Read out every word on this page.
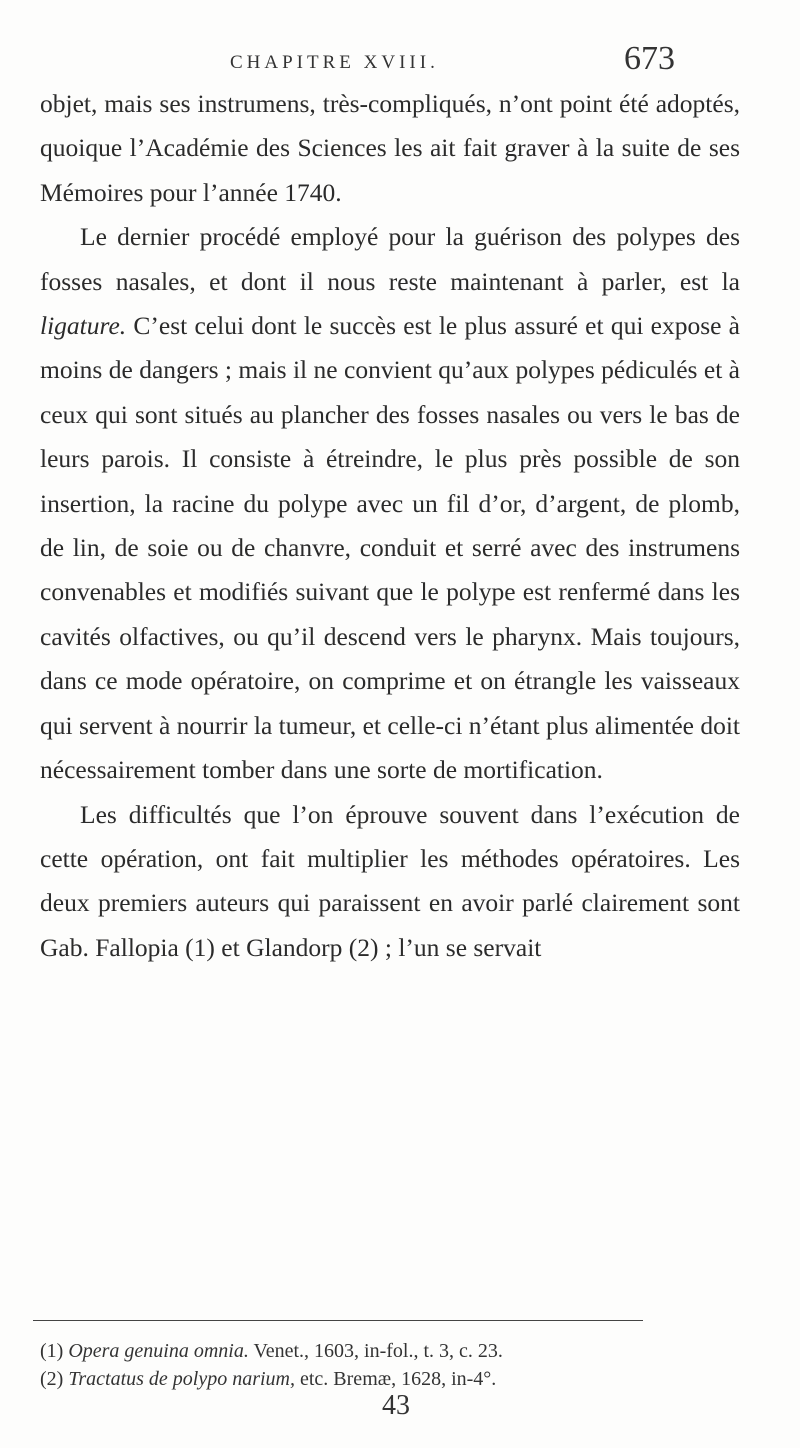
CHAPITRE XVIII.	673

objet, mais ses instrumens, très-compliqués, n’ont point été adoptés, quoique l’Académie des Sciences les ait fait graver à la suite de ses Mémoires pour l’année 1740.

Le dernier procédé employé pour la guérison des polypes des fosses nasales, et dont il nous reste maintenant à parler, est la ligature. C’est celui dont le succès est le plus assuré et qui expose à moins de dangers ; mais il ne convient qu’aux polypes pédiculés et à ceux qui sont situés au plancher des fosses nasales ou vers le bas de leurs parois. Il consiste à étreindre, le plus près possible de son insertion, la racine du polype avec un fil d’or, d’argent, de plomb, de lin, de soie ou de chanvre, conduit et serré avec des instrumens convenables et modifiés suivant que le polype est renfermé dans les cavités olfactives, ou qu’il descend vers le pharynx. Mais toujours, dans ce mode opératoire, on comprime et on étrangle les vaisseaux qui servent à nourrir la tumeur, et celle-ci n’étant plus alimentée doit nécessairement tomber dans une sorte de mortification.

Les difficultés que l’on éprouve souvent dans l’exécution de cette opération, ont fait multiplier les méthodes opératoires. Les deux premiers auteurs qui paraissent en avoir parlé clairement sont Gab. Fallopia (1) et Glandorp (2) ; l’un se servait

(1) Opera genuina omnia. Venet., 1603, in-fol., t. 3, c. 23.

(2) Tractatus de polypo narium, etc. Bremæ, 1628, in-4°.

43
